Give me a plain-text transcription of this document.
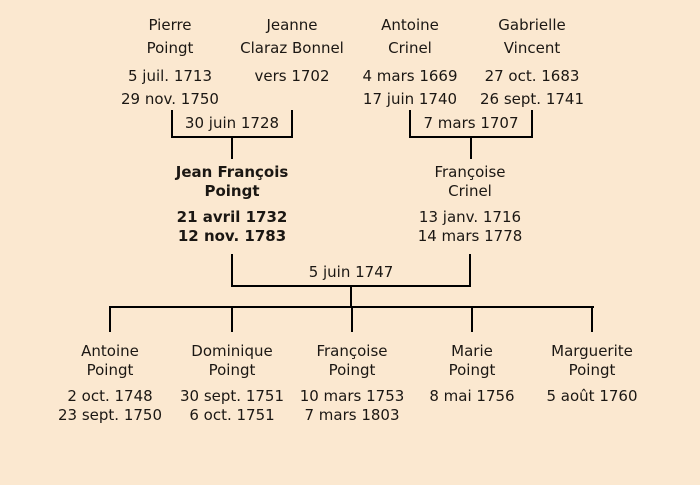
Pierre
Poingt
5 juil. 1713
29 nov. 1750
Jeanne
Claraz Bonnel
vers 1702
Antoine
Crinel
4 mars 1669
17 juin 1740
Gabrielle
Vincent
27 oct. 1683
26 sept. 1741
30 juin 1728	7 mars 1707
Jean François
Poingt
21 avril 1732
12 nov. 1783
Françoise
Crinel
13 janv. 1716
14 mars 1778
5 juin 1747
Antoine
Poingt
2 oct. 1748
23 sept. 1750
Dominique
Poingt
30 sept. 1751
6 oct. 1751
Françoise
Poingt
10 mars 1753
7 mars 1803
Marie
Poingt
8 mai 1756
Marguerite
Poingt
5 août 1760
